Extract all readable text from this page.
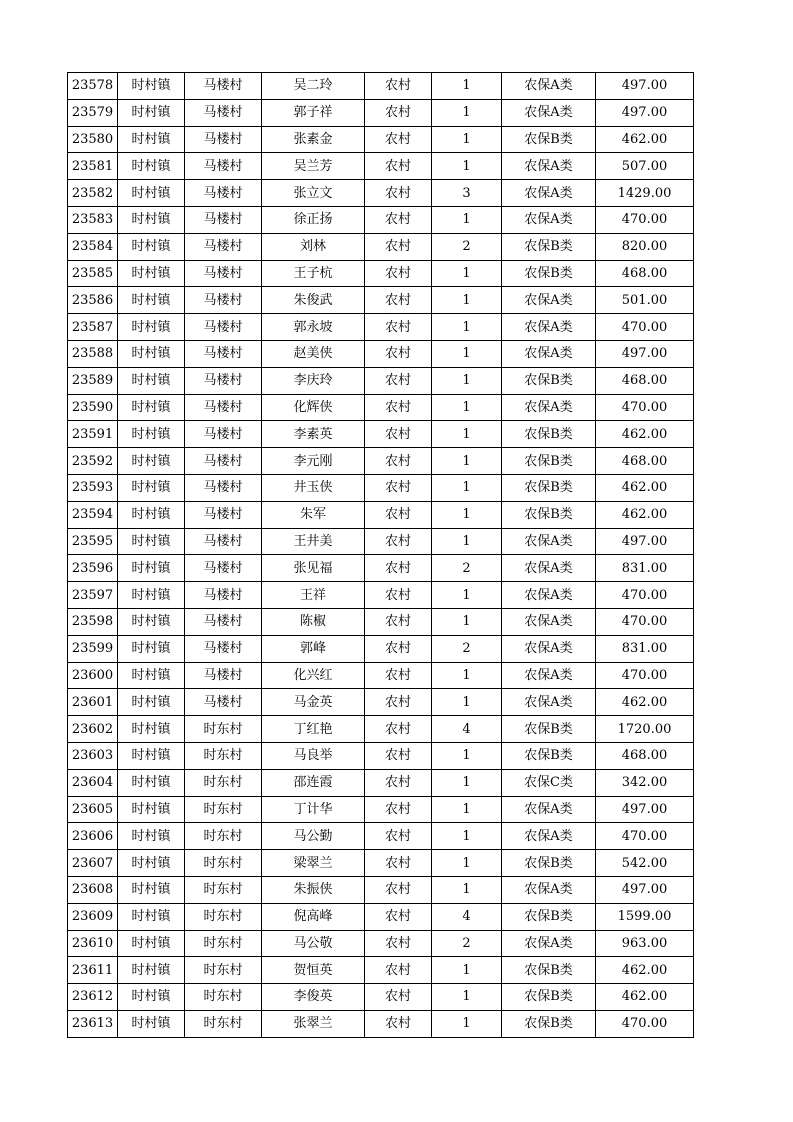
23578	时村镇	马楼村	吴二玲	农村	1	农保A类	497.00
23579	时村镇	马楼村	郭子祥	农村	1	农保A类	497.00
23580	时村镇	马楼村	张素金	农村	1	农保B类	462.00
23581	时村镇	马楼村	吴兰芳	农村	1	农保A类	507.00
23582	时村镇	马楼村	张立文	农村	3	农保A类	1429.00
23583	时村镇	马楼村	徐正扬	农村	1	农保A类	470.00
23584	时村镇	马楼村	刘林	农村	2	农保B类	820.00
23585	时村镇	马楼村	王子杭	农村	1	农保B类	468.00
23586	时村镇	马楼村	朱俊武	农村	1	农保A类	501.00
23587	时村镇	马楼村	郭永坡	农村	1	农保A类	470.00
23588	时村镇	马楼村	赵美侠	农村	1	农保A类	497.00
23589	时村镇	马楼村	李庆玲	农村	1	农保B类	468.00
23590	时村镇	马楼村	化辉侠	农村	1	农保A类	470.00
23591	时村镇	马楼村	李素英	农村	1	农保B类	462.00
23592	时村镇	马楼村	李元刚	农村	1	农保B类	468.00
23593	时村镇	马楼村	井玉侠	农村	1	农保B类	462.00
23594	时村镇	马楼村	朱军	农村	1	农保B类	462.00
23595	时村镇	马楼村	王井美	农村	1	农保A类	497.00
23596	时村镇	马楼村	张见福	农村	2	农保A类	831.00
23597	时村镇	马楼村	王祥	农村	1	农保A类	470.00
23598	时村镇	马楼村	陈椒	农村	1	农保A类	470.00
23599	时村镇	马楼村	郭峰	农村	2	农保A类	831.00
23600	时村镇	马楼村	化兴红	农村	1	农保A类	470.00
23601	时村镇	马楼村	马金英	农村	1	农保A类	462.00
23602	时村镇	时东村	丁红艳	农村	4	农保B类	1720.00
23603	时村镇	时东村	马良举	农村	1	农保B类	468.00
23604	时村镇	时东村	邵连霞	农村	1	农保C类	342.00
23605	时村镇	时东村	丁计华	农村	1	农保A类	497.00
23606	时村镇	时东村	马公勤	农村	1	农保A类	470.00
23607	时村镇	时东村	梁翠兰	农村	1	农保B类	542.00
23608	时村镇	时东村	朱振侠	农村	1	农保A类	497.00
23609	时村镇	时东村	倪高峰	农村	4	农保B类	1599.00
23610	时村镇	时东村	马公敬	农村	2	农保A类	963.00
23611	时村镇	时东村	贺恒英	农村	1	农保B类	462.00
23612	时村镇	时东村	李俊英	农村	1	农保B类	462.00
23613	时村镇	时东村	张翠兰	农村	1	农保B类	470.00
